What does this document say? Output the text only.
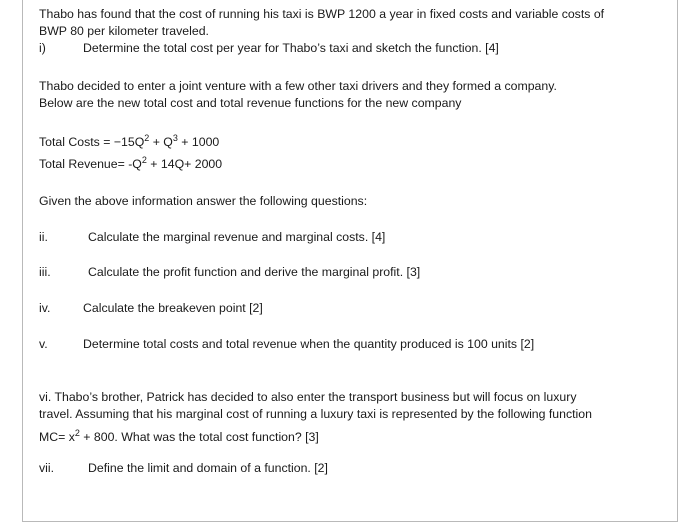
Thabo has found that the cost of running his taxi is BWP 1200 a year in fixed costs and variable costs of
BWP 80 per kilometer traveled.
i)	Determine the total cost per year for Thabo’s taxi and sketch the function. [4]
Thabo decided to enter a joint venture with a few other taxi drivers and they formed a company.
Below are the new total cost and total revenue functions for the new company
Total Costs = $-15Q^2 + Q^3 + 1000$
Total Revenue= $-Q^2 + 14Q+ 2000$
Given the above information answer the following questions:
ii.	Calculate the marginal revenue and marginal costs. [4]
iii.	Calculate the profit function and derive the marginal profit. [3]
iv.	Calculate the breakeven point [2]
v.	Determine total costs and total revenue when the quantity produced is 100 units [2]
vi. Thabo’s brother, Patrick has decided to also enter the transport business but will focus on luxury
travel. Assuming that his marginal cost of running a luxury taxi is represented by the following function
$MC= x^2 + 800$. What was the total cost function? [3]
vii.	Define the limit and domain of a function. [2]
